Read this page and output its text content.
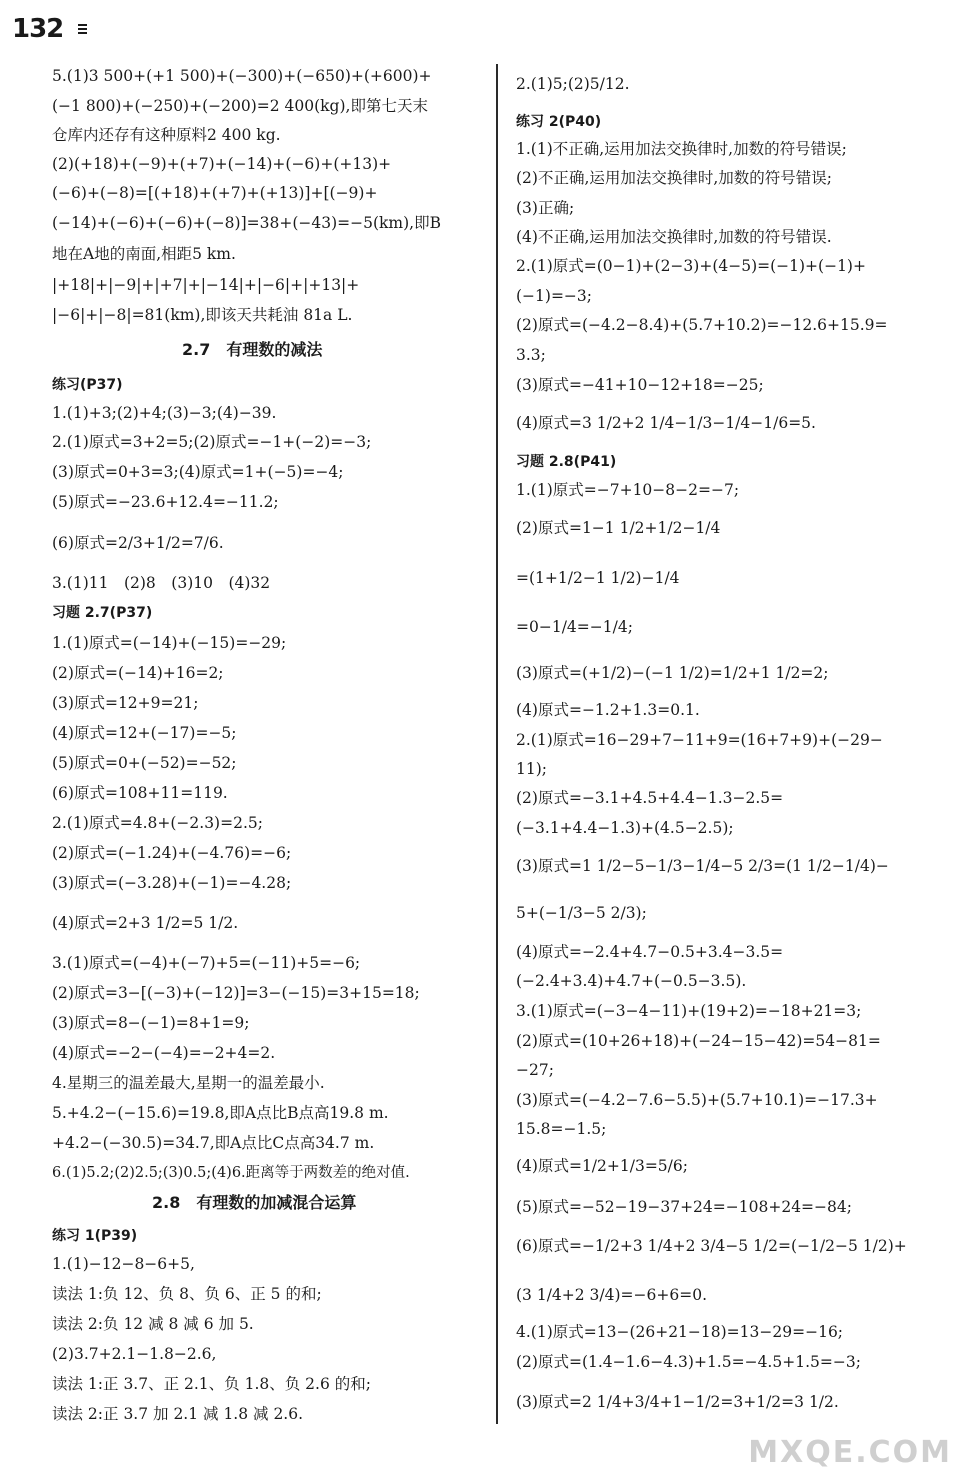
132
5.(1)3 500+(+1 500)+(−300)+(−650)+(+600)+
(−1 800)+(−250)+(−200)=2 400(kg),即第七天末
仓库内还存有这种原料2 400 kg.
(2)(+18)+(−9)+(+7)+(−14)+(−6)+(+13)+
(−6)+(−8)=[(+18)+(+7)+(+13)]+[(−9)+
(−14)+(−6)+(−6)+(−8)]=38+(−43)=−5(km),即B
地在A地的南面,相距5 km.
|+18|+|−9|+|+7|+|−14|+|−6|+|+13|+
|−6|+|−8|=81(km),即该天共耗油 81a L.
2.7　有理数的减法
练习(P37)
1.(1)+3;(2)+4;(3)−3;(4)−39.
2.(1)原式=3+2=5;(2)原式=−1+(−2)=−3;
(3)原式=0+3=3;(4)原式=1+(−5)=−4;
(5)原式=−23.6+12.4=−11.2;
(6)原式=2/3+1/2=7/6.
3.(1)11　(2)8　(3)10　(4)32
习题 2.7(P37)
1.(1)原式=(−14)+(−15)=−29;
(2)原式=(−14)+16=2;
(3)原式=12+9=21;
(4)原式=12+(−17)=−5;
(5)原式=0+(−52)=−52;
(6)原式=108+11=119.
2.(1)原式=4.8+(−2.3)=2.5;
(2)原式=(−1.24)+(−4.76)=−6;
(3)原式=(−3.28)+(−1)=−4.28;
(4)原式=2+3 1/2=5 1/2.
3.(1)原式=(−4)+(−7)+5=(−11)+5=−6;
(2)原式=3−[(−3)+(−12)]=3−(−15)=3+15=18;
(3)原式=8−(−1)=8+1=9;
(4)原式=−2−(−4)=−2+4=2.
4.星期三的温差最大,星期一的温差最小.
5.+4.2−(−15.6)=19.8,即A点比B点高19.8 m.
+4.2−(−30.5)=34.7,即A点比C点高34.7 m.
6.(1)5.2;(2)2.5;(3)0.5;(4)6.距离等于两数差的绝对值.
2.8　有理数的加减混合运算
练习 1(P39)
1.(1)−12−8−6+5,
读法 1:负 12、负 8、负 6、正 5 的和;
读法 2:负 12 减 8 减 6 加 5.
(2)3.7+2.1−1.8−2.6,
读法 1:正 3.7、正 2.1、负 1.8、负 2.6 的和;
读法 2:正 3.7 加 2.1 减 1.8 减 2.6.
2.(1)5;(2)5/12.
练习 2(P40)
1.(1)不正确,运用加法交换律时,加数的符号错误;
(2)不正确,运用加法交换律时,加数的符号错误;
(3)正确;
(4)不正确,运用加法交换律时,加数的符号错误.
2.(1)原式=(0−1)+(2−3)+(4−5)=(−1)+(−1)+
(−1)=−3;
(2)原式=(−4.2−8.4)+(5.7+10.2)=−12.6+15.9=
3.3;
(3)原式=−41+10−12+18=−25;
(4)原式=3 1/2+2 1/4−1/3−1/4−1/6=5.
习题 2.8(P41)
1.(1)原式=−7+10−8−2=−7;
(2)原式=1−1 1/2+1/2−1/4
=(1+1/2−1 1/2)−1/4
=0−1/4=−1/4;
(3)原式=(+1/2)−(−1 1/2)=1/2+1 1/2=2;
(4)原式=−1.2+1.3=0.1.
2.(1)原式=16−29+7−11+9=(16+7+9)+(−29−
11);
(2)原式=−3.1+4.5+4.4−1.3−2.5=
(−3.1+4.4−1.3)+(4.5−2.5);
(3)原式=1 1/2−5−1/3−1/4−5 2/3=(1 1/2−1/4)−
5+(−1/3−5 2/3);
(4)原式=−2.4+4.7−0.5+3.4−3.5=
(−2.4+3.4)+4.7+(−0.5−3.5).
3.(1)原式=(−3−4−11)+(19+2)=−18+21=3;
(2)原式=(10+26+18)+(−24−15−42)=54−81=
−27;
(3)原式=(−4.2−7.6−5.5)+(5.7+10.1)=−17.3+
15.8=−1.5;
(4)原式=1/2+1/3=5/6;
(5)原式=−52−19−37+24=−108+24=−84;
(6)原式=−1/2+3 1/4+2 3/4−5 1/2=(−1/2−5 1/2)+
(3 1/4+2 3/4)=−6+6=0.
4.(1)原式=13−(26+21−18)=13−29=−16;
(2)原式=(1.4−1.6−4.3)+1.5=−4.5+1.5=−3;
(3)原式=2 1/4+3/4+1−1/2=3+1/2=3 1/2.
MXQE.COM
